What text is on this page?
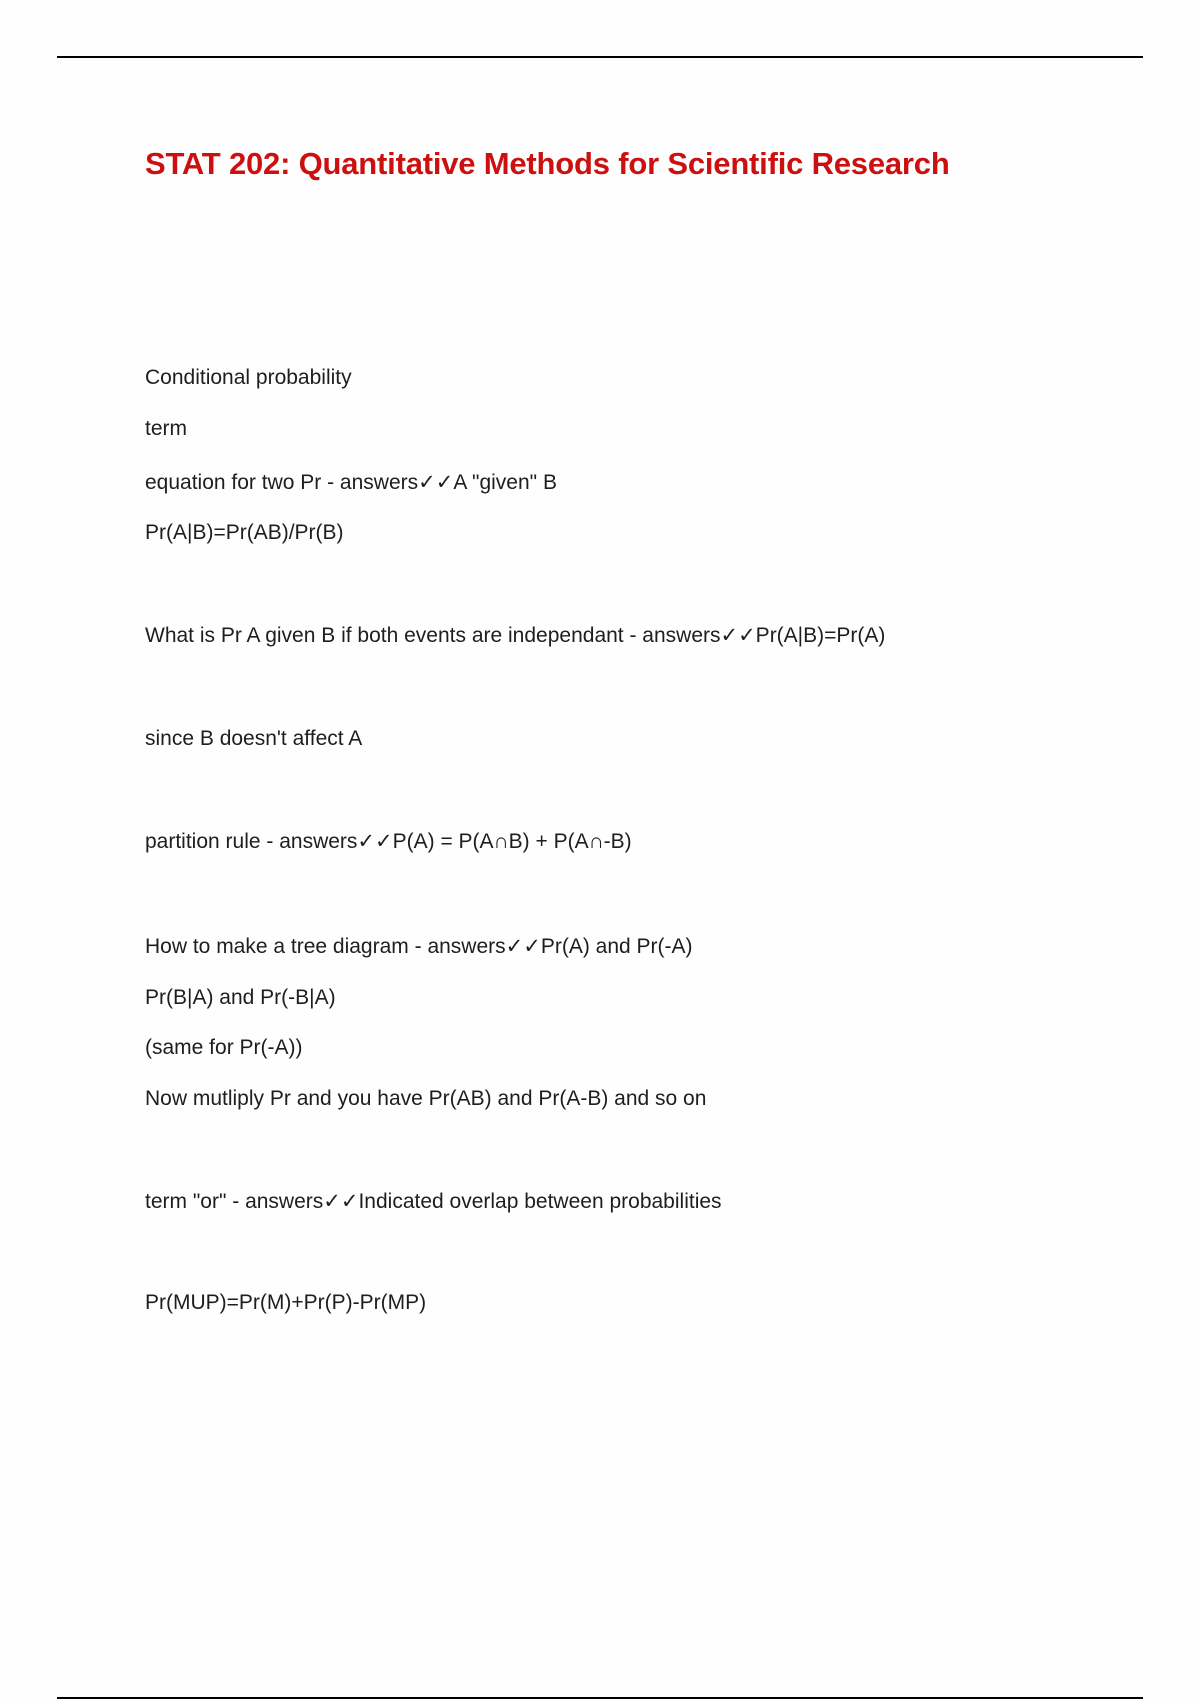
STAT 202: Quantitative Methods for Scientific Research

Conditional probability

term

equation for two Pr - answers✓✓A "given" B

Pr(A|B)=Pr(AB)/Pr(B)

What is Pr A given B if both events are independant - answers✓✓Pr(A|B)=Pr(A)

since B doesn't affect A

partition rule - answers✓✓P(A) = P(A∩B) + P(A∩-B)

How to make a tree diagram - answers✓✓Pr(A) and Pr(-A)

Pr(B|A) and Pr(-B|A)

(same for Pr(-A))

Now mutliply Pr and you have Pr(AB) and Pr(A-B) and so on

term "or" - answers✓✓Indicated overlap between probabilities

Pr(MUP)=Pr(M)+Pr(P)-Pr(MP)
